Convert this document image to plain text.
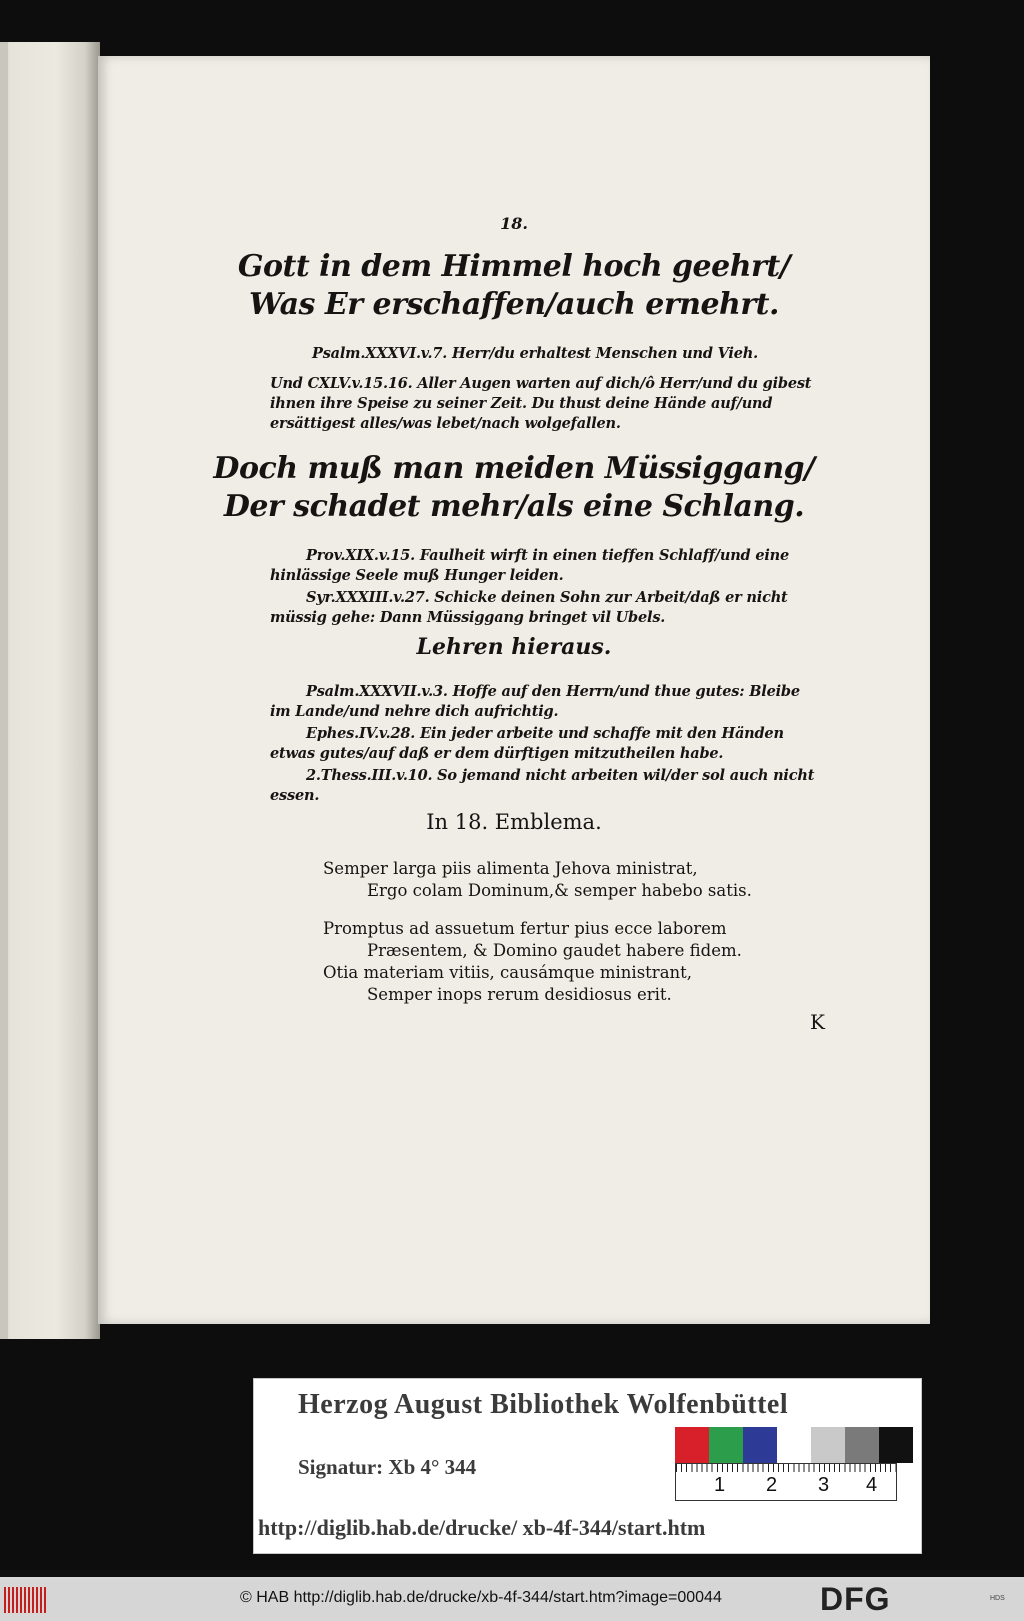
18.
Gott in dem Himmel hoch geehrt/
Was Er erschaffen/auch ernehrt.
Psalm.XXXVI.v.7. Herr/du erhaltest Menschen und Vieh.
Und CXLV.v.15.16. Aller Augen warten auf dich/ô Herr/und du gibest ihnen ihre Speise zu seiner Zeit. Du thust deine Hände auf/und ersättigest alles/was lebet/nach wolgefallen.
Doch muß man meiden Müssiggang/
Der schadet mehr/als eine Schlang.
Prov.XIX.v.15. Faulheit wirft in einen tieffen Schlaff/und eine hinlässige Seele muß Hunger leiden.
Syr.XXXIII.v.27. Schicke deinen Sohn zur Arbeit/daß er nicht müssig gehe: Dann Müssiggang bringet vil Ubels.
Lehren hieraus.
Psalm.XXXVII.v.3. Hoffe auf den Herrn/und thue gutes: Bleibe im Lande/und nehre dich aufrichtig.
Ephes.IV.v.28. Ein jeder arbeite und schaffe mit den Händen etwas gutes/auf daß er dem dürftigen mitzutheilen habe.
2.Thess.III.v.10. So jemand nicht arbeiten wil/der sol auch nicht essen.
In 18. Emblema.
Semper larga piis alimenta Jehova ministrat,
Ergo colam Dominum,& semper habebo satis.
Promptus ad assuetum fertur pius ecce laborem
Præsentem, & Domino gaudet habere fidem.
Otia materiam vitiis, causámque ministrant,
Semper inops rerum desidiosus erit.
K
Herzog August Bibliothek Wolfenbüttel
Signatur: Xb 4° 344
1 2 3 4
http://diglib.hab.de/drucke/ xb-4f-344/start.htm
© HAB http://diglib.hab.de/drucke/xb-4f-344/start.htm?image=00044	DFG	HDS
